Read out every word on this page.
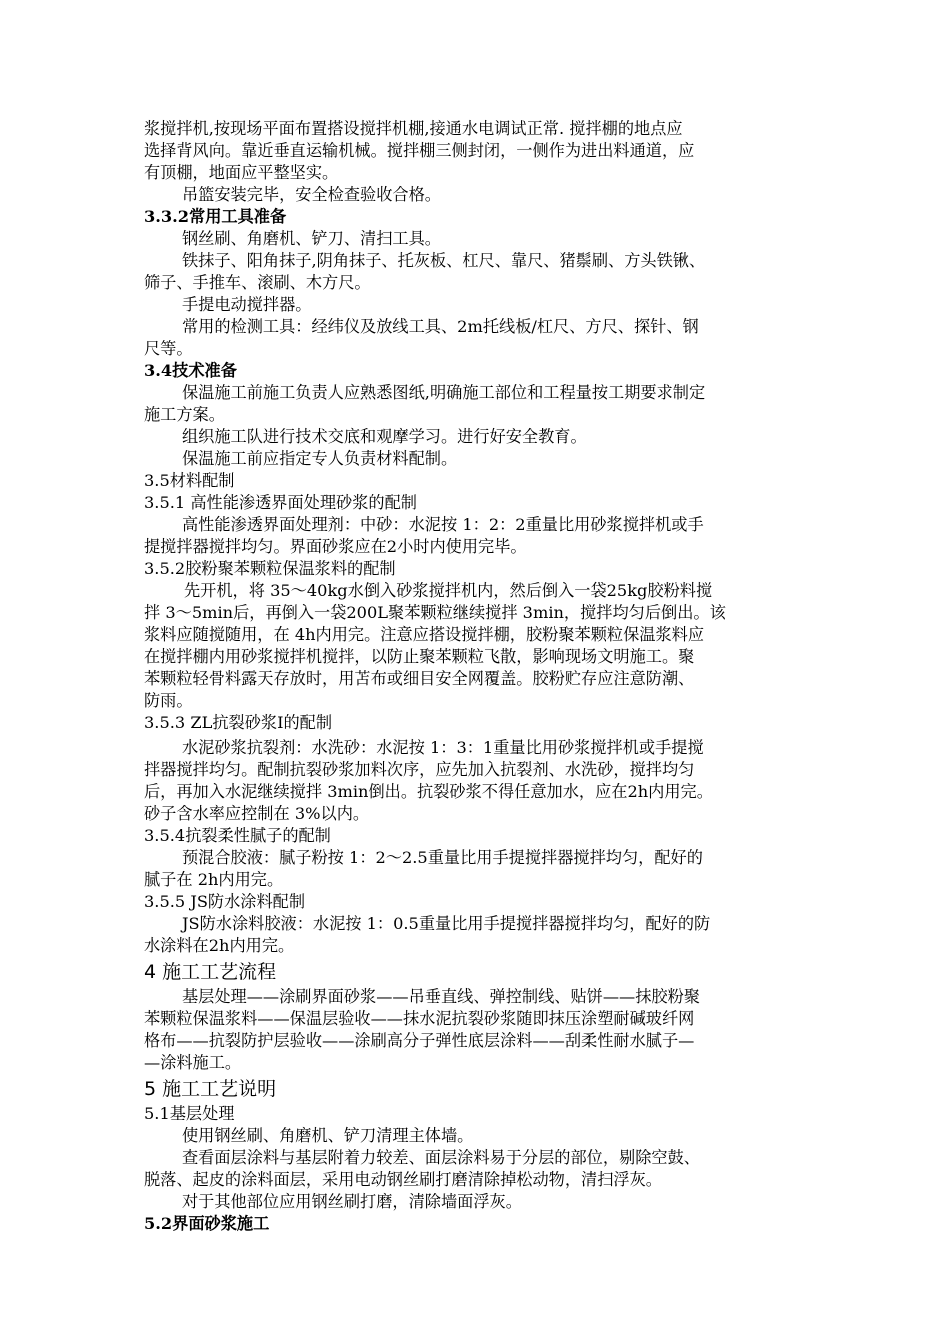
浆搅拌机,按现场平面布置搭设搅拌机棚,接通水电调试正常. 搅拌棚的地点应
选择背风向。靠近垂直运输机械。搅拌棚三侧封闭，一侧作为进出料通道，应
有顶棚，地面应平整坚实。
吊篮安装完毕，安全检查验收合格。
3.3.2常用工具准备
钢丝刷、角磨机、铲刀、清扫工具。
铁抹子、阳角抹子,阴角抹子、托灰板、杠尺、靠尺、猪鬃刷、方头铁锹、
筛子、手推车、滚刷、木方尺。
手提电动搅拌器。
常用的检测工具：经纬仪及放线工具、2m托线板/杠尺、方尺、探针、钢
尺等。
3.4技术准备
保温施工前施工负责人应熟悉图纸,明确施工部位和工程量按工期要求制定
施工方案。
组织施工队进行技术交底和观摩学习。进行好安全教育。
保温施工前应指定专人负责材料配制。
3.5材料配制
3.5.1 高性能渗透界面处理砂浆的配制
高性能渗透界面处理剂：中砂：水泥按 1：2：2重量比用砂浆搅拌机或手
提搅拌器搅拌均匀。界面砂浆应在2小时内使用完毕。
3.5.2胶粉聚苯颗粒保温浆料的配制
先开机，将 35～40kg水倒入砂浆搅拌机内，然后倒入一袋25kg胶粉料搅
拌 3～5min后，再倒入一袋200L聚苯颗粒继续搅拌 3min，搅拌均匀后倒出。该
浆料应随搅随用，在 4h内用完。注意应搭设搅拌棚，胶粉聚苯颗粒保温浆料应
在搅拌棚内用砂浆搅拌机搅拌，以防止聚苯颗粒飞散，影响现场文明施工。聚
苯颗粒轻骨料露天存放时，用苫布或细目安全网覆盖。胶粉贮存应注意防潮、
防雨。
3.5.3 ZL抗裂砂浆Ⅰ的配制
水泥砂浆抗裂剂：水洗砂：水泥按 1：3：1重量比用砂浆搅拌机或手提搅
拌器搅拌均匀。配制抗裂砂浆加料次序，应先加入抗裂剂、水洗砂，搅拌均匀
后，再加入水泥继续搅拌 3min倒出。抗裂砂浆不得任意加水，应在2h内用完。
砂子含水率应控制在 3%以内。
3.5.4抗裂柔性腻子的配制
预混合胶液：腻子粉按 1：2～2.5重量比用手提搅拌器搅拌均匀，配好的
腻子在 2h内用完。
3.5.5 JS防水涂料配制
JS防水涂料胶液：水泥按 1：0.5重量比用手提搅拌器搅拌均匀，配好的防
水涂料在2h内用完。
4 施工工艺流程
基层处理——涂刷界面砂浆——吊垂直线、弹控制线、贴饼——抹胶粉聚
苯颗粒保温浆料——保温层验收——抹水泥抗裂砂浆随即抹压涂塑耐碱玻纤网
格布——抗裂防护层验收——涂刷高分子弹性底层涂料——刮柔性耐水腻子—
—涂料施工。
5 施工工艺说明
5.1基层处理
使用钢丝刷、角磨机、铲刀清理主体墙。
查看面层涂料与基层附着力较差、面层涂料易于分层的部位，剔除空鼓、
脱落、起皮的涂料面层，采用电动钢丝刷打磨清除掉松动物，清扫浮灰。
对于其他部位应用钢丝刷打磨，清除墙面浮灰。
5.2界面砂浆施工
